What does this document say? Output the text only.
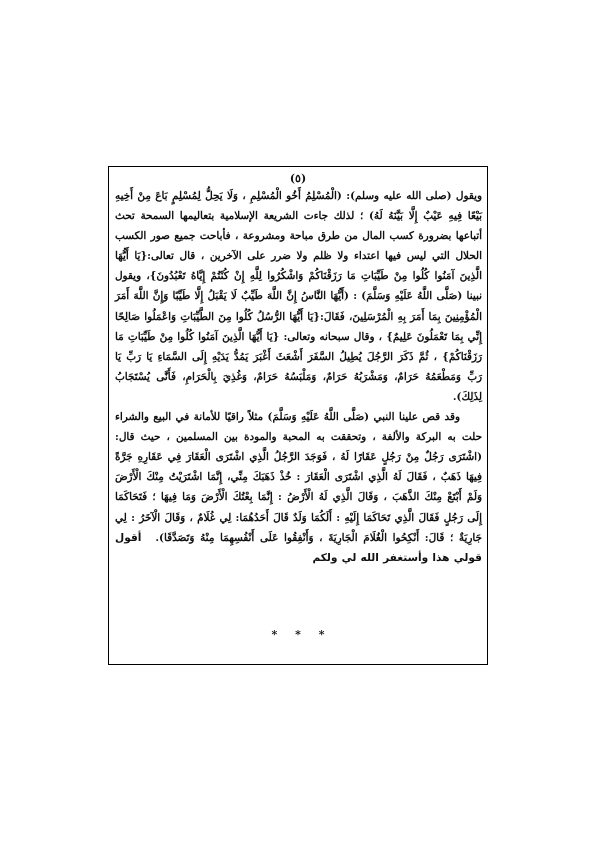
(٥)

ويقول (صلى الله عليه وسلم): (الْمُسْلِمُ أَخُو الْمُسْلِمِ ، وَلَا يَحِلُّ لِمُسْلِمٍ بَاعَ مِنْ أَخِيهِ بَيْعًا فِيهِ عَيْبٌ إِلَّا بَيَّنَهُ لَهُ) ؛ لذلك جاءت الشريعة الإسلامية بتعاليمها السمحة تحث أتباعها بضرورة كسب المال من طرق مباحة ومشروعة ، فأباحت جميع صور الكسب الحلال التي ليس فيها اعتداء ولا ظلم ولا ضرر على الآخرين ، قال تعالى:{يَا أَيُّهَا الَّذِينَ آمَنُوا كُلُوا مِنْ طَيِّبَاتِ مَا رَزَقْنَاكُمْ وَاشْكُرُوا لِلَّهِ إِنْ كُنْتُمْ إِيَّاهُ تَعْبُدُونَ}، ويقول نبينا (صَلَّى اللَّهُ عَلَيْهِ وَسَلَّمَ) : (أَيُّهَا النَّاسُ إِنَّ اللَّهَ طَيِّبٌ لَا يَقْبَلُ إِلَّا طَيِّبًا وَإِنَّ اللَّهَ أَمَرَ الْمُؤْمِنِينَ بِمَا أَمَرَ بِهِ الْمُرْسَلِينَ، فَقَالَ:{يَا أَيُّهَا الرُّسُلُ كُلُوا مِنَ الطَّيِّبَاتِ وَاعْمَلُوا صَالِحًا إِنِّي بِمَا تَعْمَلُونَ عَلِيمٌ} ، وقال سبحانه وتعالى: {يَا أَيُّهَا الَّذِينَ آمَنُوا كُلُوا مِنْ طَيِّبَاتِ مَا رَزَقْنَاكُمْ} ، ثُمَّ ذَكَرَ الرَّجُلَ يُطِيلُ السَّفَرَ أَشْعَثَ أَغْبَرَ يَمُدُّ يَدَيْهِ إِلَى السَّمَاءِ يَا رَبِّ يَا رَبِّ وَمَطْعَمُهُ حَرَامٌ، وَمَشْرَبُهُ حَرَامٌ، وَمَلْبَسُهُ حَرَامٌ، وَغُذِيَ بِالْحَرَامِ، فَأَنَّى يُسْتَجَابُ لِذَلِكَ).

وقد قص علينا النبي (صَلَّى اللَّهُ عَلَيْهِ وَسَلَّمَ) مثلاً راقيًا للأمانة في البيع والشراء حلت به البركة والألفة ، وتحققت به المحبة والمودة بين المسلمين ، حيث قال: (اشْتَرَى رَجُلٌ مِنْ رَجُلٍ عَقَارًا لَهُ ، فَوَجَدَ الرَّجُلُ الَّذِي اشْتَرَى الْعَقَارَ فِي عَقَارِهِ جَرَّةً فِيهَا ذَهَبٌ ، فَقَالَ لَهُ الَّذِي اشْتَرَى الْعَقَارَ : خُذْ ذَهَبَكَ مِنِّي، إِنَّمَا اشْتَرَيْتُ مِنْكَ الْأَرْضَ وَلَمْ أَبْتَعْ مِنْكَ الذَّهَبَ ، وَقَالَ الَّذِي لَهُ الْأَرْضُ : إِنَّمَا بِعْتُكَ الْأَرْضَ وَمَا فِيهَا ؛ فَتَحَاكَمَا إِلَى رَجُلٍ فَقَالَ الَّذِي تَحَاكَمَا إِلَيْهِ : أَلَكُمَا وَلَدٌ قَالَ أَحَدُهُمَا: لِي غُلَامٌ ، وَقَالَ الْآخَرُ : لِي جَارِيَةٌ ؛ قَالَ: أَنْكِحُوا الْغُلَامَ الْجَارِيَةَ ، وَأَنْفِقُوا عَلَى أَنْفُسِهِمَا مِنْهُ وَتَصَدَّقَا).أقول قولي هذا وأستغفر الله لي ولكم

* * *
